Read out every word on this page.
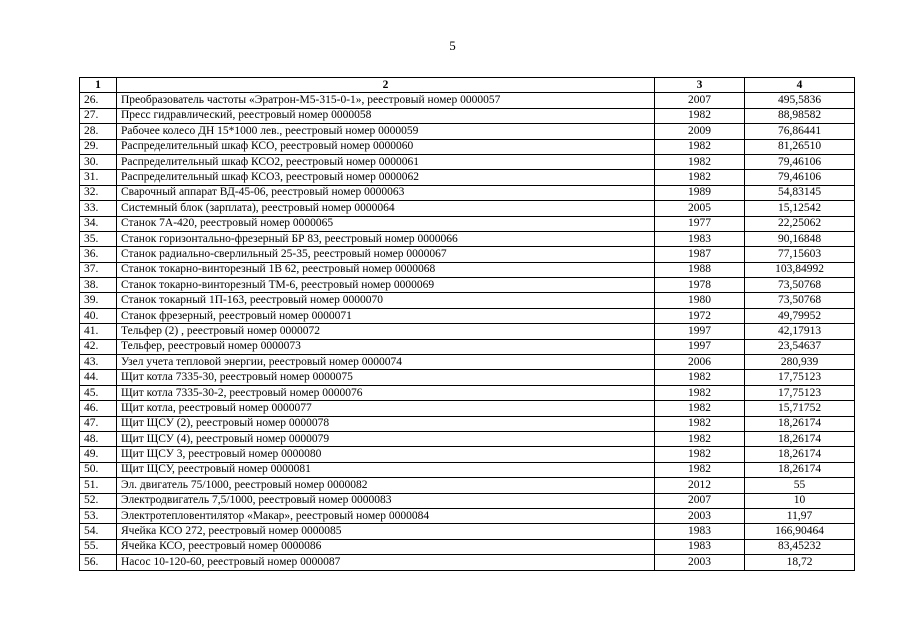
5
1	2	3	4
26.	Преобразователь частоты «Эратрон-М5-315-0-1», реестровый номер 0000057	2007	495,5836
27.	Пресс гидравлический, реестровый номер 0000058	1982	88,98582
28.	Рабочее колесо ДН 15*1000 лев., реестровый номер 0000059	2009	76,86441
29.	Распределительный шкаф КСО, реестровый номер 0000060	1982	81,26510
30.	Распределительный шкаф КСО2, реестровый номер 0000061	1982	79,46106
31.	Распределительный шкаф КСО3, реестровый номер 0000062	1982	79,46106
32.	Сварочный аппарат ВД-45-06, реестровый номер 0000063	1989	54,83145
33.	Системный блок (зарплата), реестровый номер 0000064	2005	15,12542
34.	Станок 7А-420, реестровый номер 0000065	1977	22,25062
35.	Станок горизонтально-фрезерный БР 83, реестровый номер 0000066	1983	90,16848
36.	Станок радиально-сверлильный 25-35, реестровый номер 0000067	1987	77,15603
37.	Станок токарно-винторезный 1В 62, реестровый номер 0000068	1988	103,84992
38.	Станок токарно-винторезный ТМ-6, реестровый номер 0000069	1978	73,50768
39.	Станок токарный 1П-163, реестровый номер 0000070	1980	73,50768
40.	Станок фрезерный, реестровый номер 0000071	1972	49,79952
41.	Тельфер (2) , реестровый номер 0000072	1997	42,17913
42.	Тельфер, реестровый номер 0000073	1997	23,54637
43.	Узел учета тепловой энергии, реестровый номер 0000074	2006	280,939
44.	Щит котла 7335-30, реестровый номер 0000075	1982	17,75123
45.	Щит котла 7335-30-2, реестровый номер 0000076	1982	17,75123
46.	Щит котла, реестровый номер 0000077	1982	15,71752
47.	Щит ЩСУ (2), реестровый номер 0000078	1982	18,26174
48.	Щит ЩСУ (4), реестровый номер 0000079	1982	18,26174
49.	Щит ЩСУ 3, реестровый номер 0000080	1982	18,26174
50.	Щит ЩСУ, реестровый номер 0000081	1982	18,26174
51.	Эл. двигатель 75/1000, реестровый номер 0000082	2012	55
52.	Электродвигатель 7,5/1000, реестровый номер 0000083	2007	10
53.	Электротепловентилятор «Макар», реестровый номер 0000084	2003	11,97
54.	Ячейка КСО 272, реестровый номер 0000085	1983	166,90464
55.	Ячейка КСО, реестровый номер 0000086	1983	83,45232
56.	Насос 10-120-60, реестровый номер 0000087	2003	18,72
